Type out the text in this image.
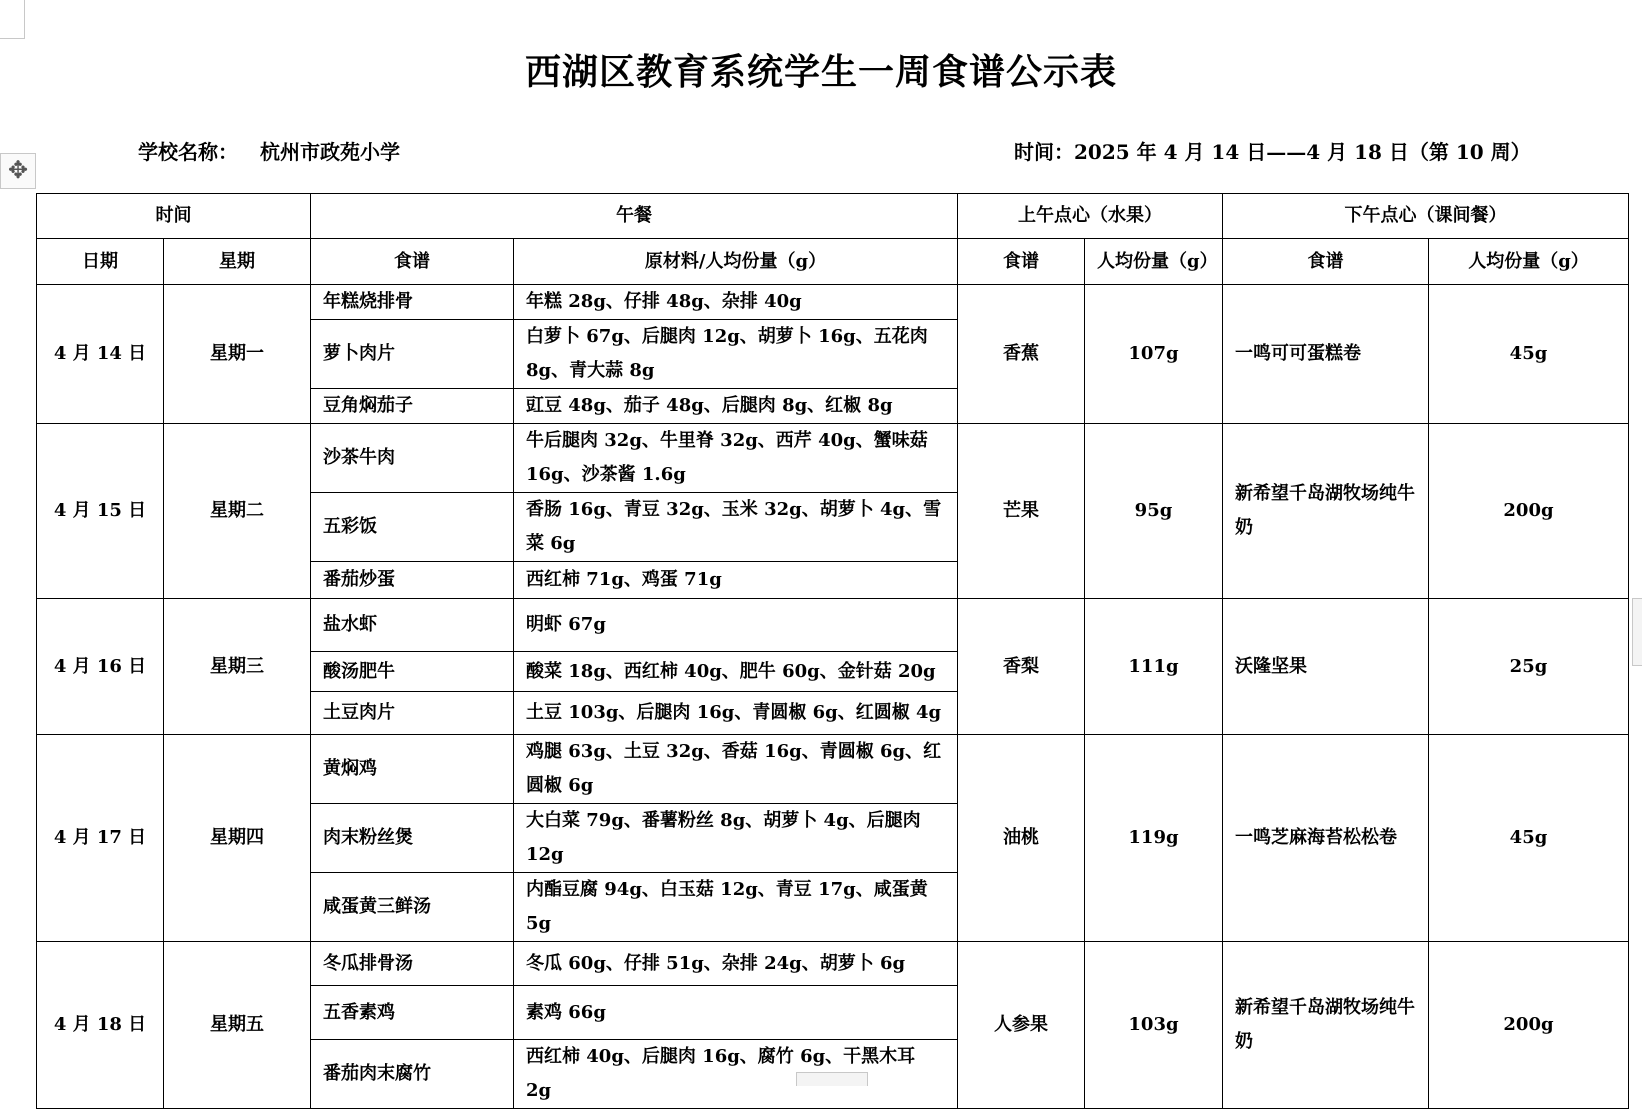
西湖区教育系统学生一周食谱公示表
学校名称： 杭州市政苑小学	时间：2025 年 4 月 14 日——4 月 18 日（第 10 周）
✥
时间		午餐		上午点心（水果）		下午点心（课间餐）	
日期	星期	食谱	原材料/人均份量（g）	食谱	人均份量（g）	食谱	人均份量（g）
4 月 14 日	星期一	年糕烧排骨	年糕 28g、仔排 48g、杂排 40g	香蕉	107g	一鸣可可蛋糕卷	45g
		萝卜肉片	白萝卜 67g、后腿肉 12g、胡萝卜 16g、五花肉 8g、青大蒜 8g				
		豆角焖茄子	豇豆 48g、茄子 48g、后腿肉 8g、红椒 8g				
4 月 15 日	星期二	沙茶牛肉	牛后腿肉 32g、牛里脊 32g、西芹 40g、蟹味菇 16g、沙茶酱 1.6g	芒果	95g	新希望千岛湖牧场纯牛奶	200g
		五彩饭	香肠 16g、青豆 32g、玉米 32g、胡萝卜 4g、雪菜 6g				
		番茄炒蛋	西红柿 71g、鸡蛋 71g				
4 月 16 日	星期三	盐水虾	明虾 67g	香梨	111g	沃隆坚果	25g
		酸汤肥牛	酸菜 18g、西红柿 40g、肥牛 60g、金针菇 20g				
		土豆肉片	土豆 103g、后腿肉 16g、青圆椒 6g、红圆椒 4g				
4 月 17 日	星期四	黄焖鸡	鸡腿 63g、土豆 32g、香菇 16g、青圆椒 6g、红圆椒 6g	油桃	119g	一鸣芝麻海苔松松卷	45g
		肉末粉丝煲	大白菜 79g、番薯粉丝 8g、胡萝卜 4g、后腿肉 12g				
		咸蛋黄三鲜汤	内酯豆腐 94g、白玉菇 12g、青豆 17g、咸蛋黄 5g				
4 月 18 日	星期五	冬瓜排骨汤	冬瓜 60g、仔排 51g、杂排 24g、胡萝卜 6g	人参果	103g	新希望千岛湖牧场纯牛奶	200g
		五香素鸡	素鸡 66g				
		番茄肉末腐竹	西红柿 40g、后腿肉 16g、腐竹 6g、干黑木耳 2g				
